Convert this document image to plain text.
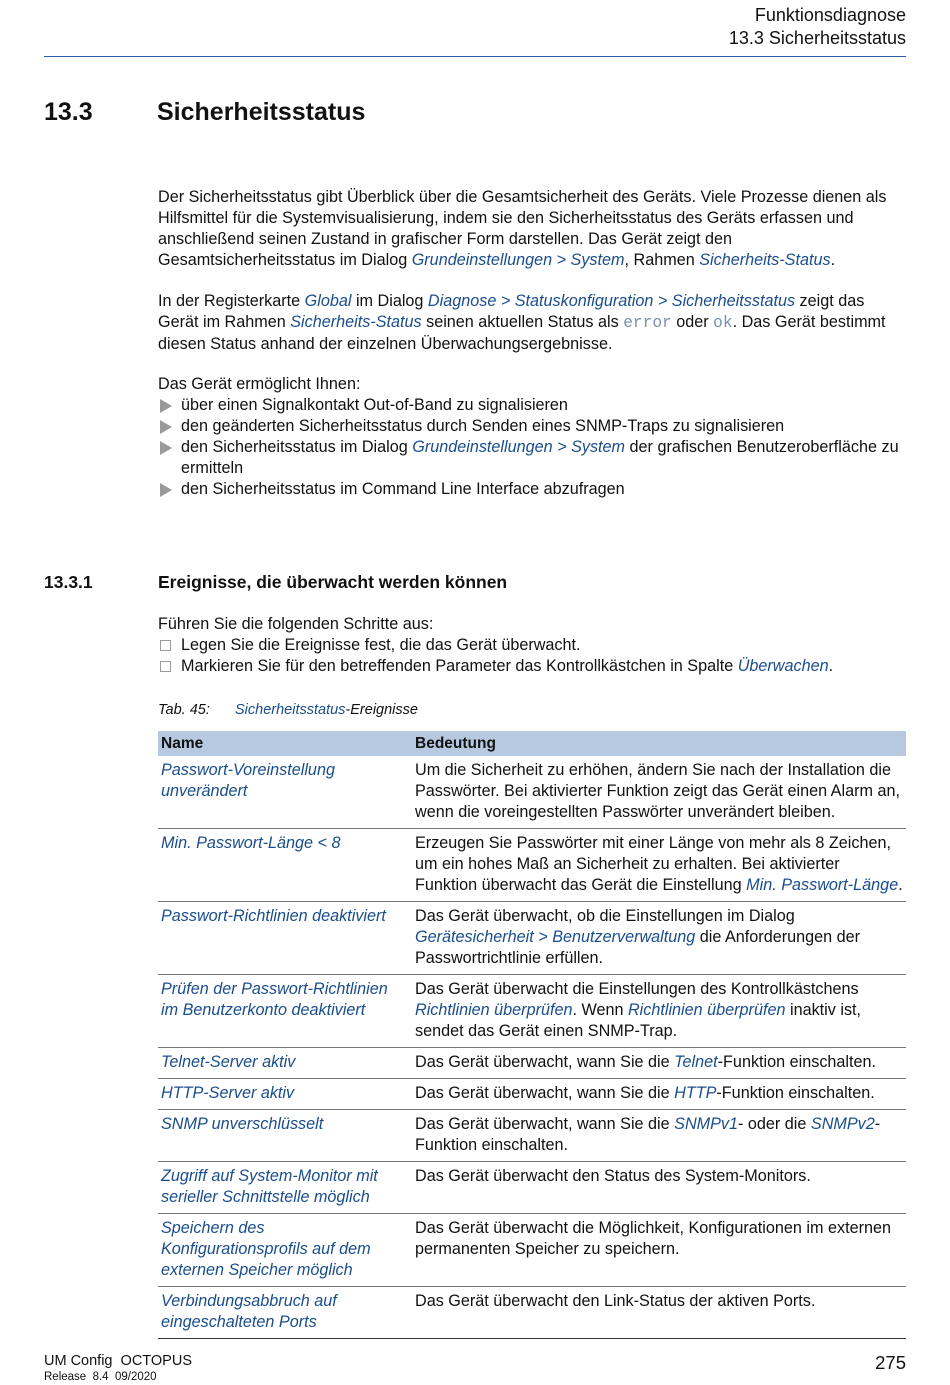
Funktionsdiagnose
13.3 Sicherheitsstatus
13.3	Sicherheitsstatus

Der Sicherheitsstatus gibt Überblick über die Gesamtsicherheit des Geräts. Viele Prozesse dienen als Hilfsmittel für die Systemvisualisierung, indem sie den Sicherheitsstatus des Geräts erfassen und anschließend seinen Zustand in grafischer Form darstellen. Das Gerät zeigt den Gesamtsicherheitsstatus im Dialog Grundeinstellungen > System, Rahmen Sicherheits-Status.

In der Registerkarte Global im Dialog Diagnose > Statuskonfiguration > Sicherheitsstatus zeigt das Gerät im Rahmen Sicherheits-Status seinen aktuellen Status als error oder ok. Das Gerät bestimmt diesen Status anhand der einzelnen Überwachungsergebnisse.

Das Gerät ermöglicht Ihnen:

über einen Signalkontakt Out-of-Band zu signalisieren
den geänderten Sicherheitsstatus durch Senden eines SNMP-Traps zu signalisieren
den Sicherheitsstatus im Dialog Grundeinstellungen > System der grafischen Benutzeroberfläche zu ermitteln
den Sicherheitsstatus im Command Line Interface abzufragen
13.3.1	Ereignisse, die überwacht werden können

Führen Sie die folgenden Schritte aus:

Legen Sie die Ereignisse fest, die das Gerät überwacht.
Markieren Sie für den betreffenden Parameter das Kontrollkästchen in Spalte Überwachen.
Tab. 45: Sicherheitsstatus-Ereignisse
Name	Bedeutung
Passwort-Voreinstellung unverändert	Um die Sicherheit zu erhöhen, ändern Sie nach der Installation die Passwörter. Bei aktivierter Funktion zeigt das Gerät einen Alarm an, wenn die voreingestellten Passwörter unverändert bleiben.
Min. Passwort-Länge < 8	Erzeugen Sie Passwörter mit einer Länge von mehr als 8 Zeichen, um ein hohes Maß an Sicherheit zu erhalten. Bei aktivierter Funktion überwacht das Gerät die Einstellung Min. Passwort-Länge.
Passwort-Richtlinien deaktiviert	Das Gerät überwacht, ob die Einstellungen im Dialog Gerätesicherheit > Benutzerverwaltung die Anforderungen der Passwortrichtlinie erfüllen.
Prüfen der Passwort-Richtlinien im Benutzerkonto deaktiviert	Das Gerät überwacht die Einstellungen des Kontrollkästchens Richtlinien überprüfen. Wenn Richtlinien überprüfen inaktiv ist, sendet das Gerät einen SNMP-Trap.
Telnet-Server aktiv	Das Gerät überwacht, wann Sie die Telnet-Funktion einschalten.
HTTP-Server aktiv	Das Gerät überwacht, wann Sie die HTTP-Funktion einschalten.
SNMP unverschlüsselt	Das Gerät überwacht, wann Sie die SNMPv1- oder die SNMPv2-Funktion einschalten.
Zugriff auf System-Monitor mit serieller Schnittstelle möglich	Das Gerät überwacht den Status des System-Monitors.
Speichern des Konfigurationsprofils auf dem externen Speicher möglich	Das Gerät überwacht die Möglichkeit, Konfigurationen im externen permanenten Speicher zu speichern.
Verbindungsabbruch auf eingeschalteten Ports	Das Gerät überwacht den Link-Status der aktiven Ports.
UM Config  OCTOPUS
Release  8.4  09/2020
275
